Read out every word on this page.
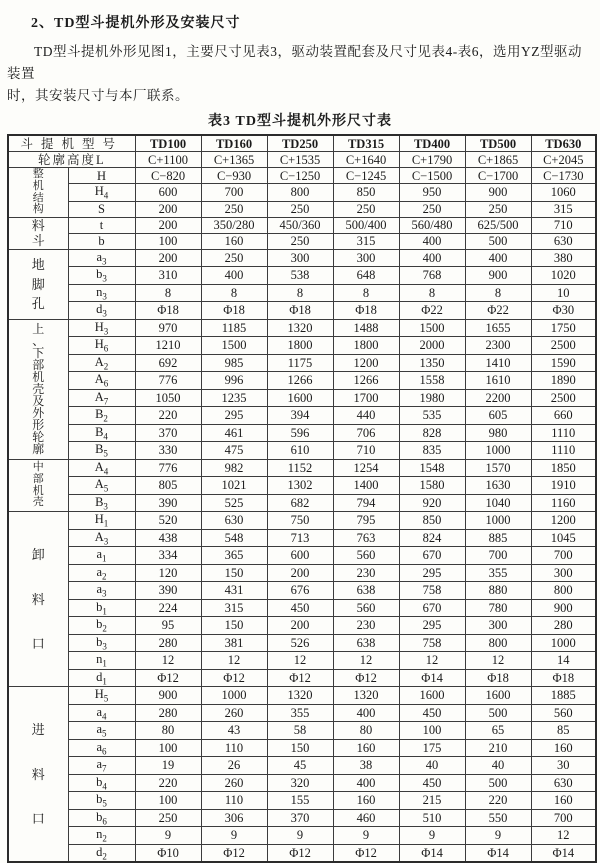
2、TD型斗提机外形及安装尺寸

TD型斗提机外形见图1，主要尺寸见表3，驱动装置配套及尺寸见表4-表6，选用YZ型驱动装置
时，其安装尺寸与本厂联系。

表3 TD型斗提机外形尺寸表
斗提机型号		TD100	TD160	TD250	TD315	TD400	TD500	TD630
轮廓高度L		C+1100	C+1365	C+1535	C+1640	C+1790	C+1865	C+2045

整
机
结
构	H	C−820	C−930	C−1250	C−1245	C−1500	C−1700	C−1730
	$H_4$	600	700	800	850	950	900	1060
	S	200	250	250	250	250	250	315

料
斗	t	200	350/280	450/360	500/400	560/480	625/500	710
	b	100	160	250	315	400	500	630

地
脚
孔	$a_3$	200	250	300	300	400	400	380
	$b_3$	310	400	538	648	768	900	1020
	$n_3$	8	8	8	8	8	8	10
	$d_3$	Φ18	Φ18	Φ18	Φ18	Φ22	Φ22	Φ30

上
、
下
部
机
壳
及
外
形
轮
廓
	$H_3$	970	1185	1320	1488	1500	1655	1750
	$H_6$	1210	1500	1800	1800	2000	2300	2500
	$A_2$	692	985	1175	1200	1350	1410	1590
	$A_6$	776	996	1266	1266	1558	1610	1890
	$A_7$	1050	1235	1600	1700	1980	2200	2500
	$B_2$	220	295	394	440	535	605	660
	$B_4$	370	461	596	706	828	980	1110
	$B_5$	330	475	610	710	835	1000	1110

中
部
机
壳	$A_4$	776	982	1152	1254	1548	1570	1850
	$A_5$	805	1021	1302	1400	1580	1630	1910
	$B_3$	390	525	682	794	920	1040	1160

卸
料
口	$H_1$	520	630	750	795	850	1000	1200
	$A_3$	438	548	713	763	824	885	1045
	$a_1$	334	365	600	560	670	700	700
	$a_2$	120	150	200	230	295	355	300
	$a_3$	390	431	676	638	758	880	800
	$b_1$	224	315	450	560	670	780	900
	$b_2$	95	150	200	230	295	300	280
	$b_3$	280	381	526	638	758	800	1000
	$n_1$	12	12	12	12	12	12	14
	$d_1$	Φ12	Φ12	Φ12	Φ12	Φ14	Φ18	Φ18

进
料
口	$H_5$	900	1000	1320	1320	1600	1600	1885
	$a_4$	280	260	355	400	450	500	560
	$a_5$	80	43	58	80	100	65	85
	$a_6$	100	110	150	160	175	210	160
	$a_7$	19	26	45	38	40	40	30
	$b_4$	220	260	320	400	450	500	630
	$b_5$	100	110	155	160	215	220	160
	$b_6$	250	306	370	460	510	550	700
	$n_2$	9	9	9	9	9	9	12
	$d_2$	Φ10	Φ12	Φ12	Φ12	Φ14	Φ14	Φ14
